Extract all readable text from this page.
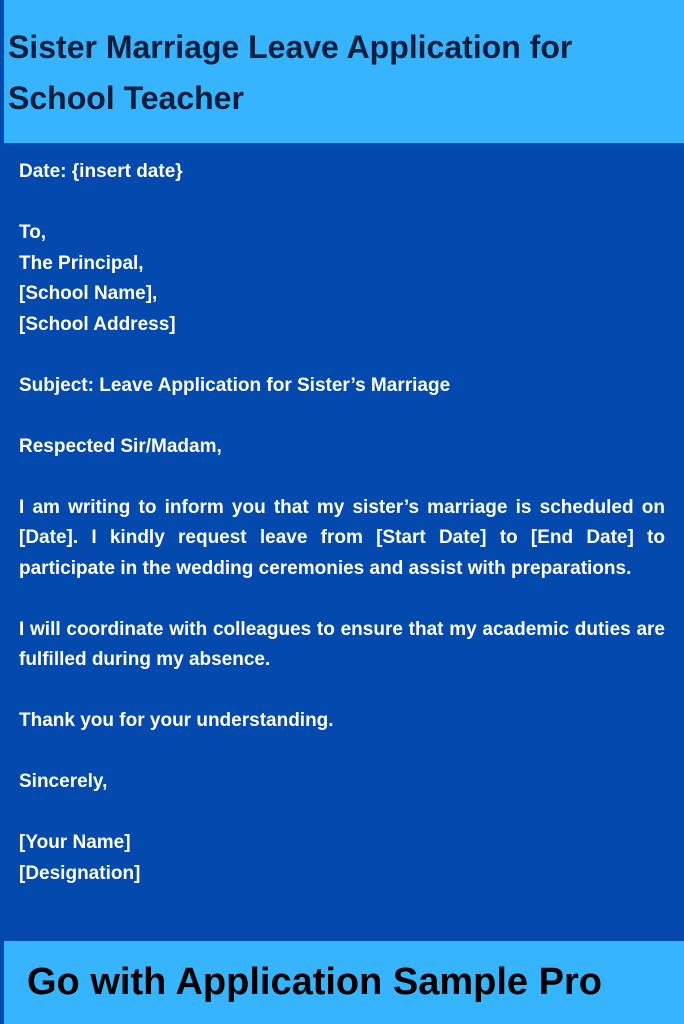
Sister Marriage Leave Application for School Teacher

Date: {insert date}

To,
The Principal,
[School Name],
[School Address]

Subject: Leave Application for Sister’s Marriage

Respected Sir/Madam,

I am writing to inform you that my sister’s marriage is scheduled on [Date]. I kindly request leave from [Start Date] to [End Date] to participate in the wedding ceremonies and assist with preparations.

I will coordinate with colleagues to ensure that my academic duties are fulfilled during my absence.

Thank you for your understanding.

Sincerely,

[Your Name]
[Designation]

Go with Application Sample Pro
